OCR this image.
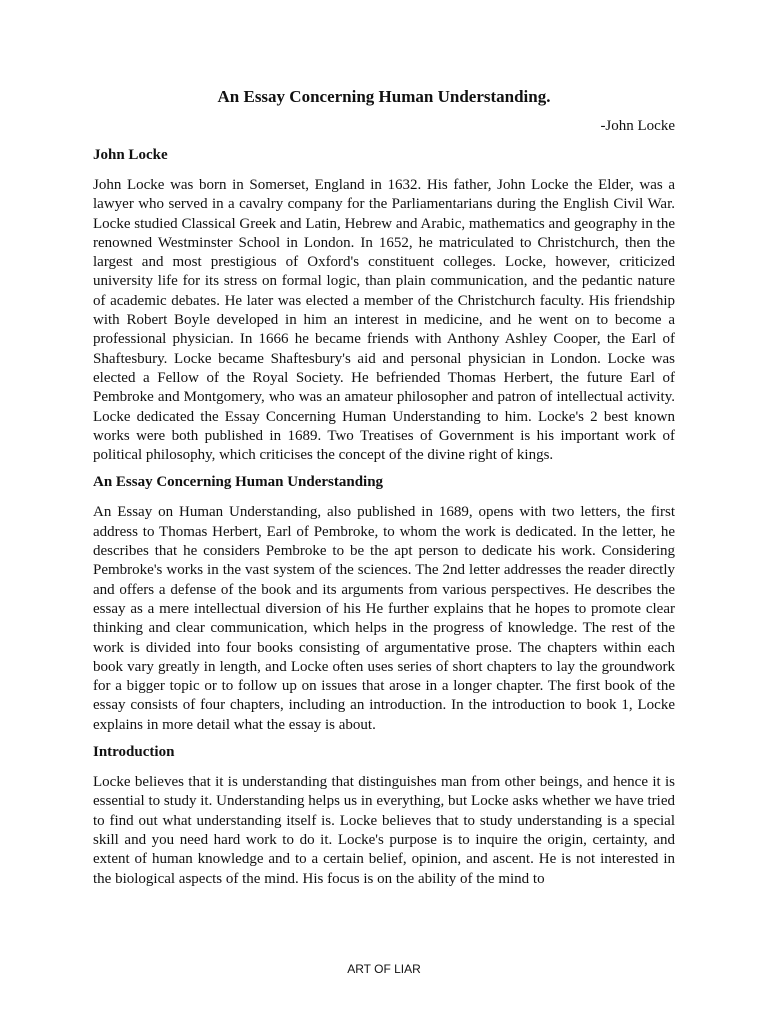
An Essay Concerning Human Understanding.
-John Locke
John Locke

John Locke was born in Somerset, England in 1632. His father, John Locke the Elder, was a lawyer who served in a cavalry company for the Parliamentarians during the English Civil War. Locke studied Classical Greek and Latin, Hebrew and Arabic, mathematics and geography in the renowned Westminster School in London. In 1652, he matriculated to Christchurch, then the largest and most prestigious of Oxford's constituent colleges. Locke, however, criticized university life for its stress on formal logic, than plain communication, and the pedantic nature of academic debates. He later was elected a member of the Christchurch faculty. His friendship with Robert Boyle developed in him an interest in medicine, and he went on to become a professional physician. In 1666 he became friends with Anthony Ashley Cooper, the Earl of Shaftesbury. Locke became Shaftesbury's aid and personal physician in London. Locke was elected a Fellow of the Royal Society. He befriended Thomas Herbert, the future Earl of Pembroke and Montgomery, who was an amateur philosopher and patron of intellectual activity. Locke dedicated the Essay Concerning Human Understanding to him. Locke's 2 best known works were both published in 1689. Two Treatises of Government is his important work of political philosophy, which criticises the concept of the divine right of kings.

An Essay Concerning Human Understanding

An Essay on Human Understanding, also published in 1689, opens with two letters, the first address to Thomas Herbert, Earl of Pembroke, to whom the work is dedicated. In the letter, he describes that he considers Pembroke to be the apt person to dedicate his work. Considering Pembroke's works in the vast system of the sciences. The 2nd letter addresses the reader directly and offers a defense of the book and its arguments from various perspectives. He describes the essay as a mere intellectual diversion of his He further explains that he hopes to promote clear thinking and clear communication, which helps in the progress of knowledge. The rest of the work is divided into four books consisting of argumentative prose. The chapters within each book vary greatly in length, and Locke often uses series of short chapters to lay the groundwork for a bigger topic or to follow up on issues that arose in a longer chapter. The first book of the essay consists of four chapters, including an introduction. In the introduction to book 1, Locke explains in more detail what the essay is about.

Introduction

Locke believes that it is understanding that distinguishes man from other beings, and hence it is essential to study it. Understanding helps us in everything, but Locke asks whether we have tried to find out what understanding itself is. Locke believes that to study understanding is a special skill and you need hard work to do it. Locke's purpose is to inquire the origin, certainty, and extent of human knowledge and to a certain belief, opinion, and ascent. He is not interested in the biological aspects of the mind. His focus is on the ability of the mind to

ART OF LIAR
